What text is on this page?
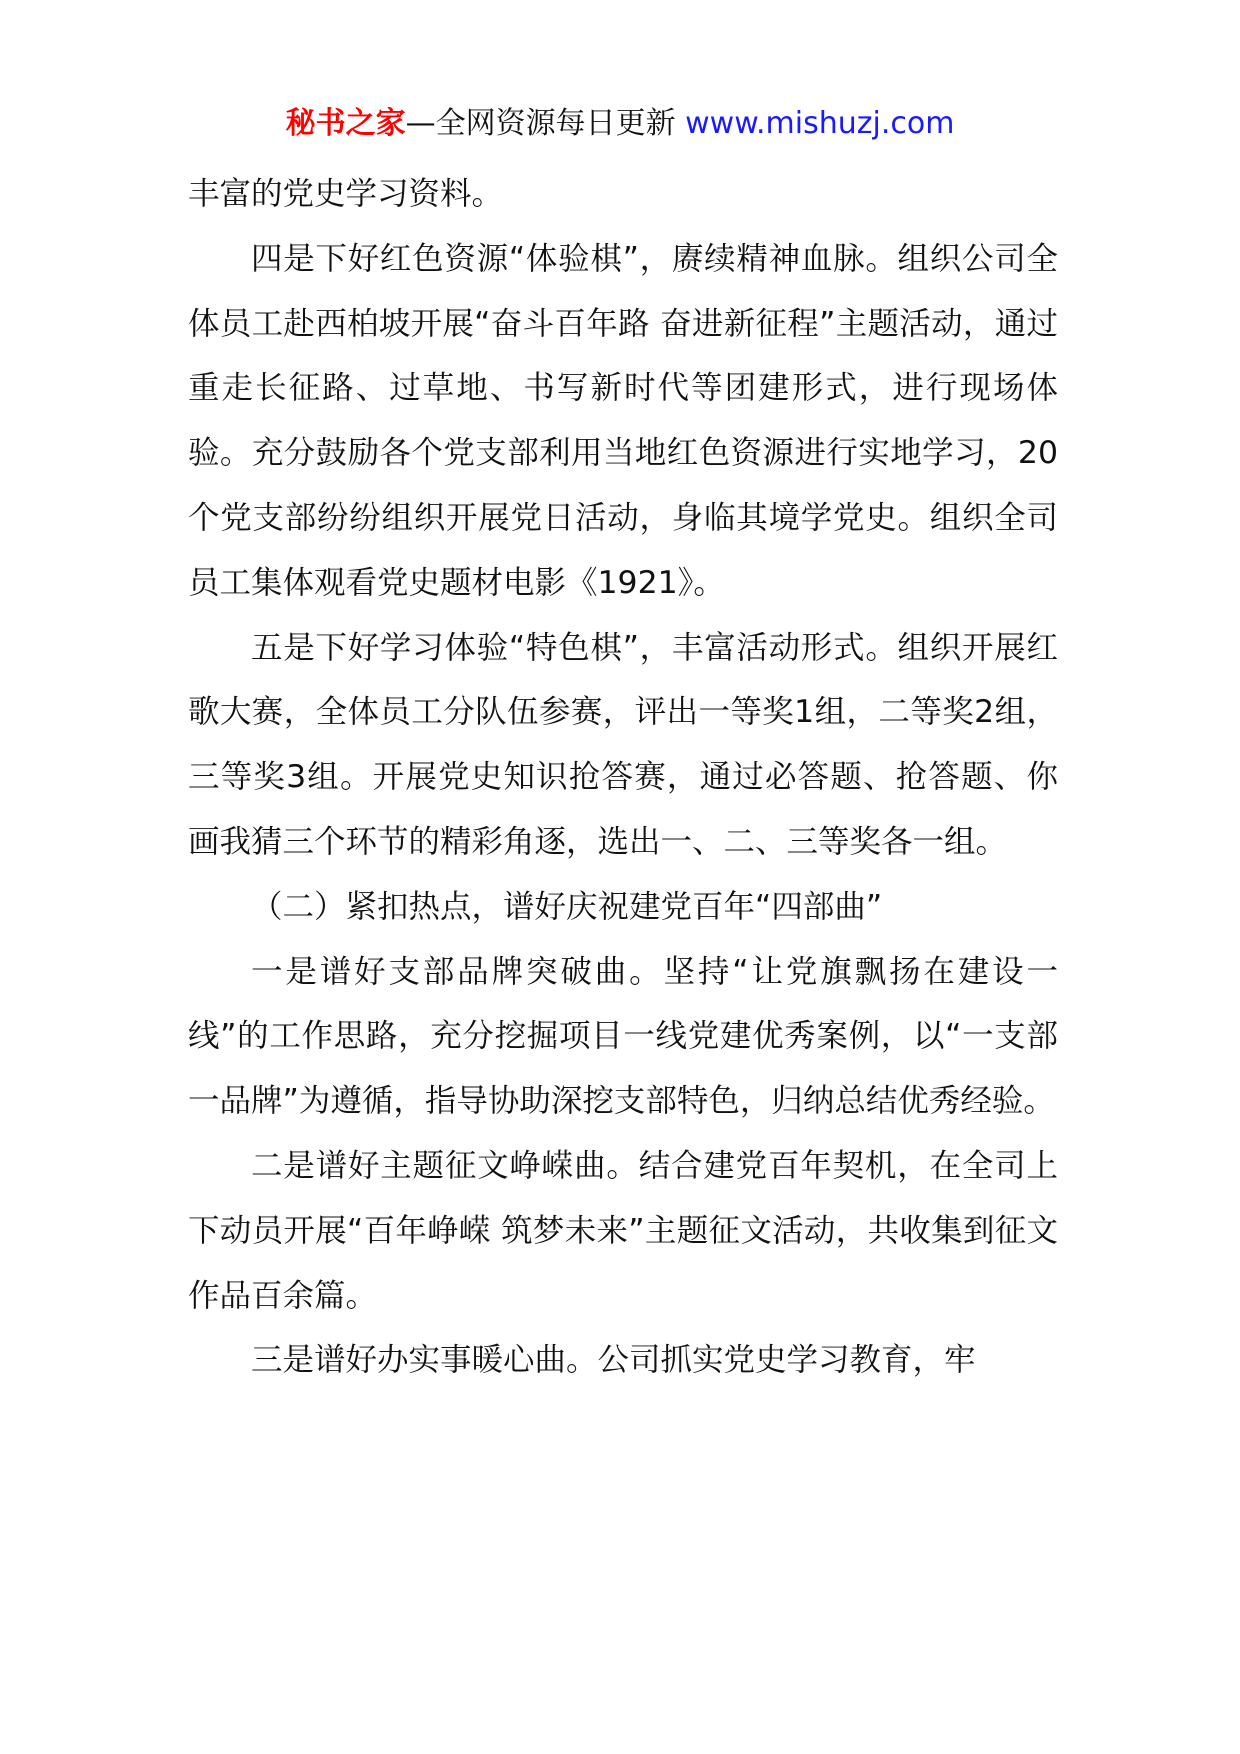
秘书之家—全网资源每日更新 www.mishuzj.com

丰富的党史学习资料。

四是下好红色资源“体验棋”，赓续精神血脉。组织公司全体员工赴西柏坡开展“奋斗百年路 奋进新征程”主题活动，通过重走长征路、过草地、书写新时代等团建形式，进行现场体验。充分鼓励各个党支部利用当地红色资源进行实地学习，20个党支部纷纷组织开展党日活动，身临其境学党史。组织全司员工集体观看党史题材电影《1921》。

五是下好学习体验“特色棋”，丰富活动形式。组织开展红歌大赛，全体员工分队伍参赛，评出一等奖1组，二等奖2组，三等奖3组。开展党史知识抢答赛，通过必答题、抢答题、你画我猜三个环节的精彩角逐，选出一、二、三等奖各一组。

（二）紧扣热点，谱好庆祝建党百年“四部曲”

一是谱好支部品牌突破曲。坚持“让党旗飘扬在建设一线”的工作思路，充分挖掘项目一线党建优秀案例，以“一支部一品牌”为遵循，指导协助深挖支部特色，归纳总结优秀经验。

二是谱好主题征文峥嵘曲。结合建党百年契机，在全司上下动员开展“百年峥嵘 筑梦未来”主题征文活动，共收集到征文作品百余篇。

三是谱好办实事暖心曲。公司抓实党史学习教育，牢
